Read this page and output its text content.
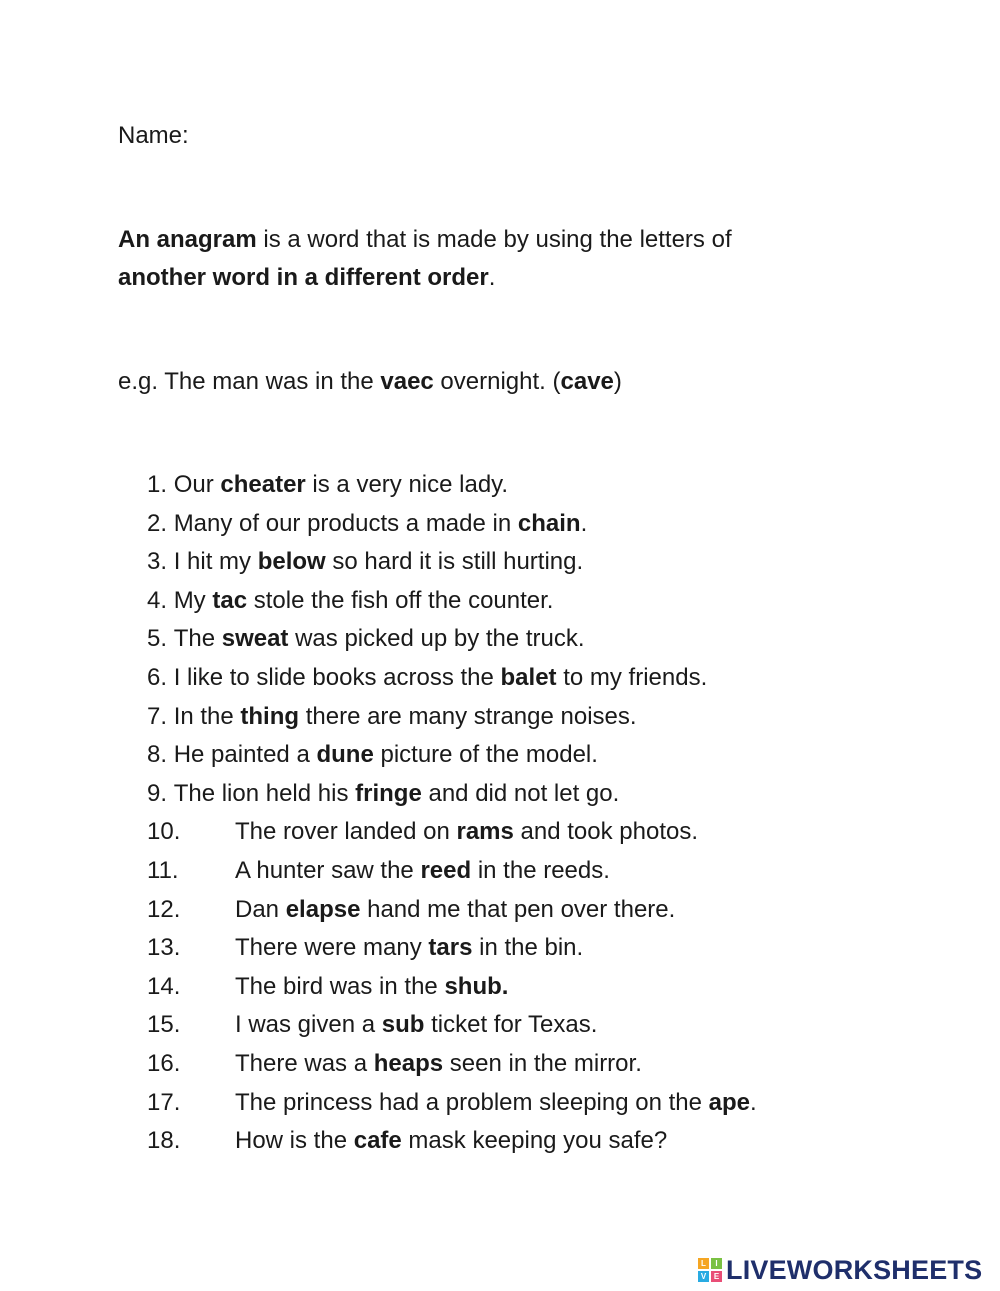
Name:
An anagram is a word that is made by using the letters of
another word in a different order.
e.g. The man was in the vaec overnight. (cave)
1. Our cheater is a very nice lady.
2. Many of our products a made in chain.
3. I hit my below so hard it is still hurting.
4. My tac stole the fish off the counter.
5. The sweat was picked up by the truck.
6. I like to slide books across the balet to my friends.
7. In the thing there are many strange noises.
8. He painted a dune picture of the model.
9. The lion held his fringe and did not let go.
10. The rover landed on rams and took photos.
11. A hunter saw the reed in the reeds.
12. Dan elapse hand me that pen over there.
13. There were many tars in the bin.
14. The bird was in the shub.
15. I was given a sub ticket for Texas.
16. There was a heaps seen in the mirror.
17. The princess had a problem sleeping on the ape.
18. How is the cafe mask keeping you safe?
L	I
V E LIVEWORKSHEETS
